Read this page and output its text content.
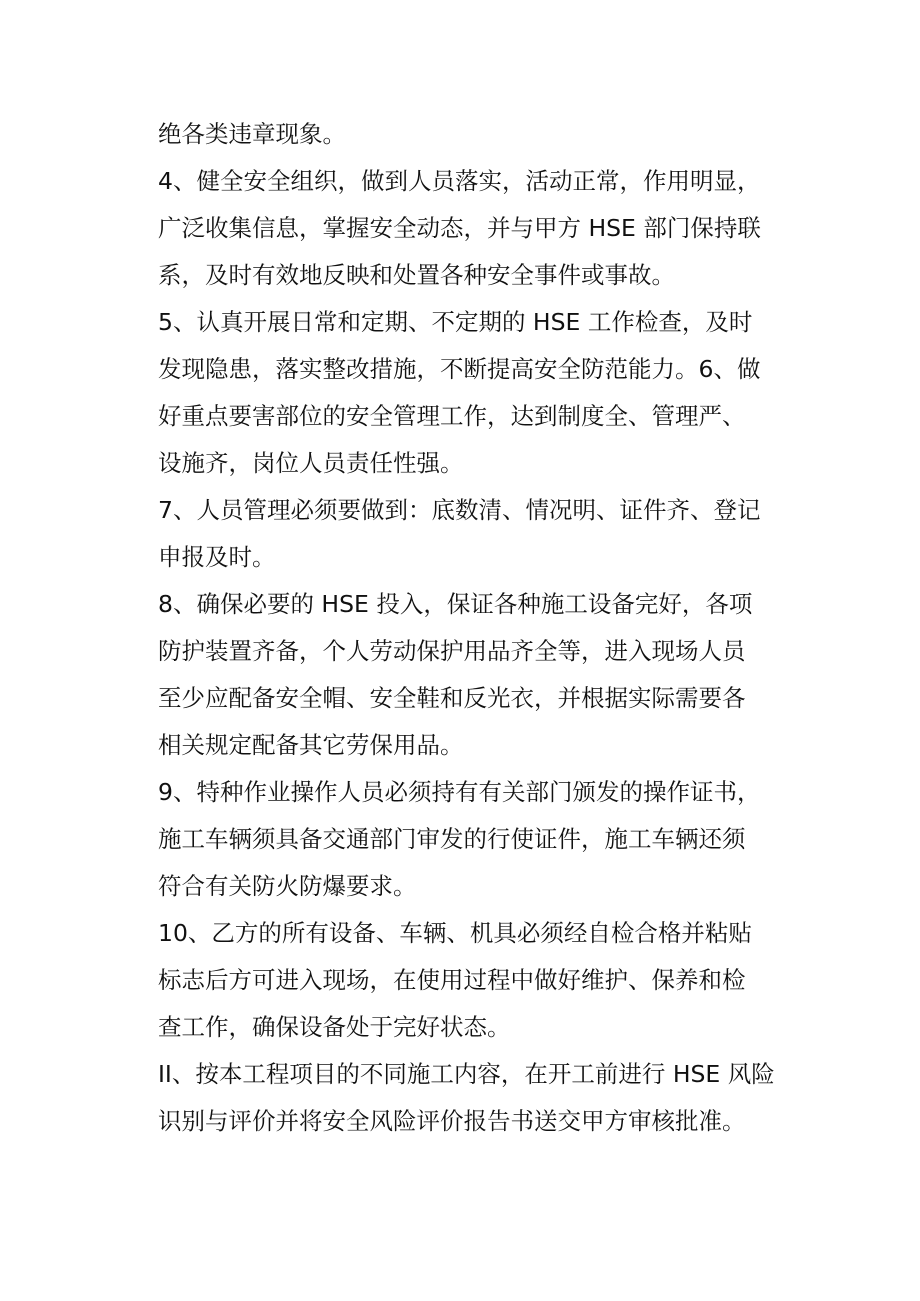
绝各类违章现象。
4、健全安全组织，做到人员落实，活动正常，作用明显，
广泛收集信息，掌握安全动态，并与甲方 HSE 部门保持联
系，及时有效地反映和处置各种安全事件或事故。
5、认真开展日常和定期、不定期的 HSE 工作检查，及时
发现隐患，落实整改措施，不断提高安全防范能力。6、做
好重点要害部位的安全管理工作，达到制度全、管理严、
设施齐，岗位人员责任性强。
7、人员管理必须要做到：底数清、情况明、证件齐、登记
申报及时。
8、确保必要的 HSE 投入，保证各种施工设备完好，各项
防护装置齐备，个人劳动保护用品齐全等，进入现场人员
至少应配备安全帽、安全鞋和反光衣，并根据实际需要各
相关规定配备其它劳保用品。
9、特种作业操作人员必须持有有关部门颁发的操作证书，
施工车辆须具备交通部门审发的行使证件，施工车辆还须
符合有关防火防爆要求。
10、乙方的所有设备、车辆、机具必须经自检合格并粘贴
标志后方可进入现场，在使用过程中做好维护、保养和检
查工作，确保设备处于完好状态。
II、按本工程项目的不同施工内容，在开工前进行 HSE 风险
识别与评价并将安全风险评价报告书送交甲方审核批准。
